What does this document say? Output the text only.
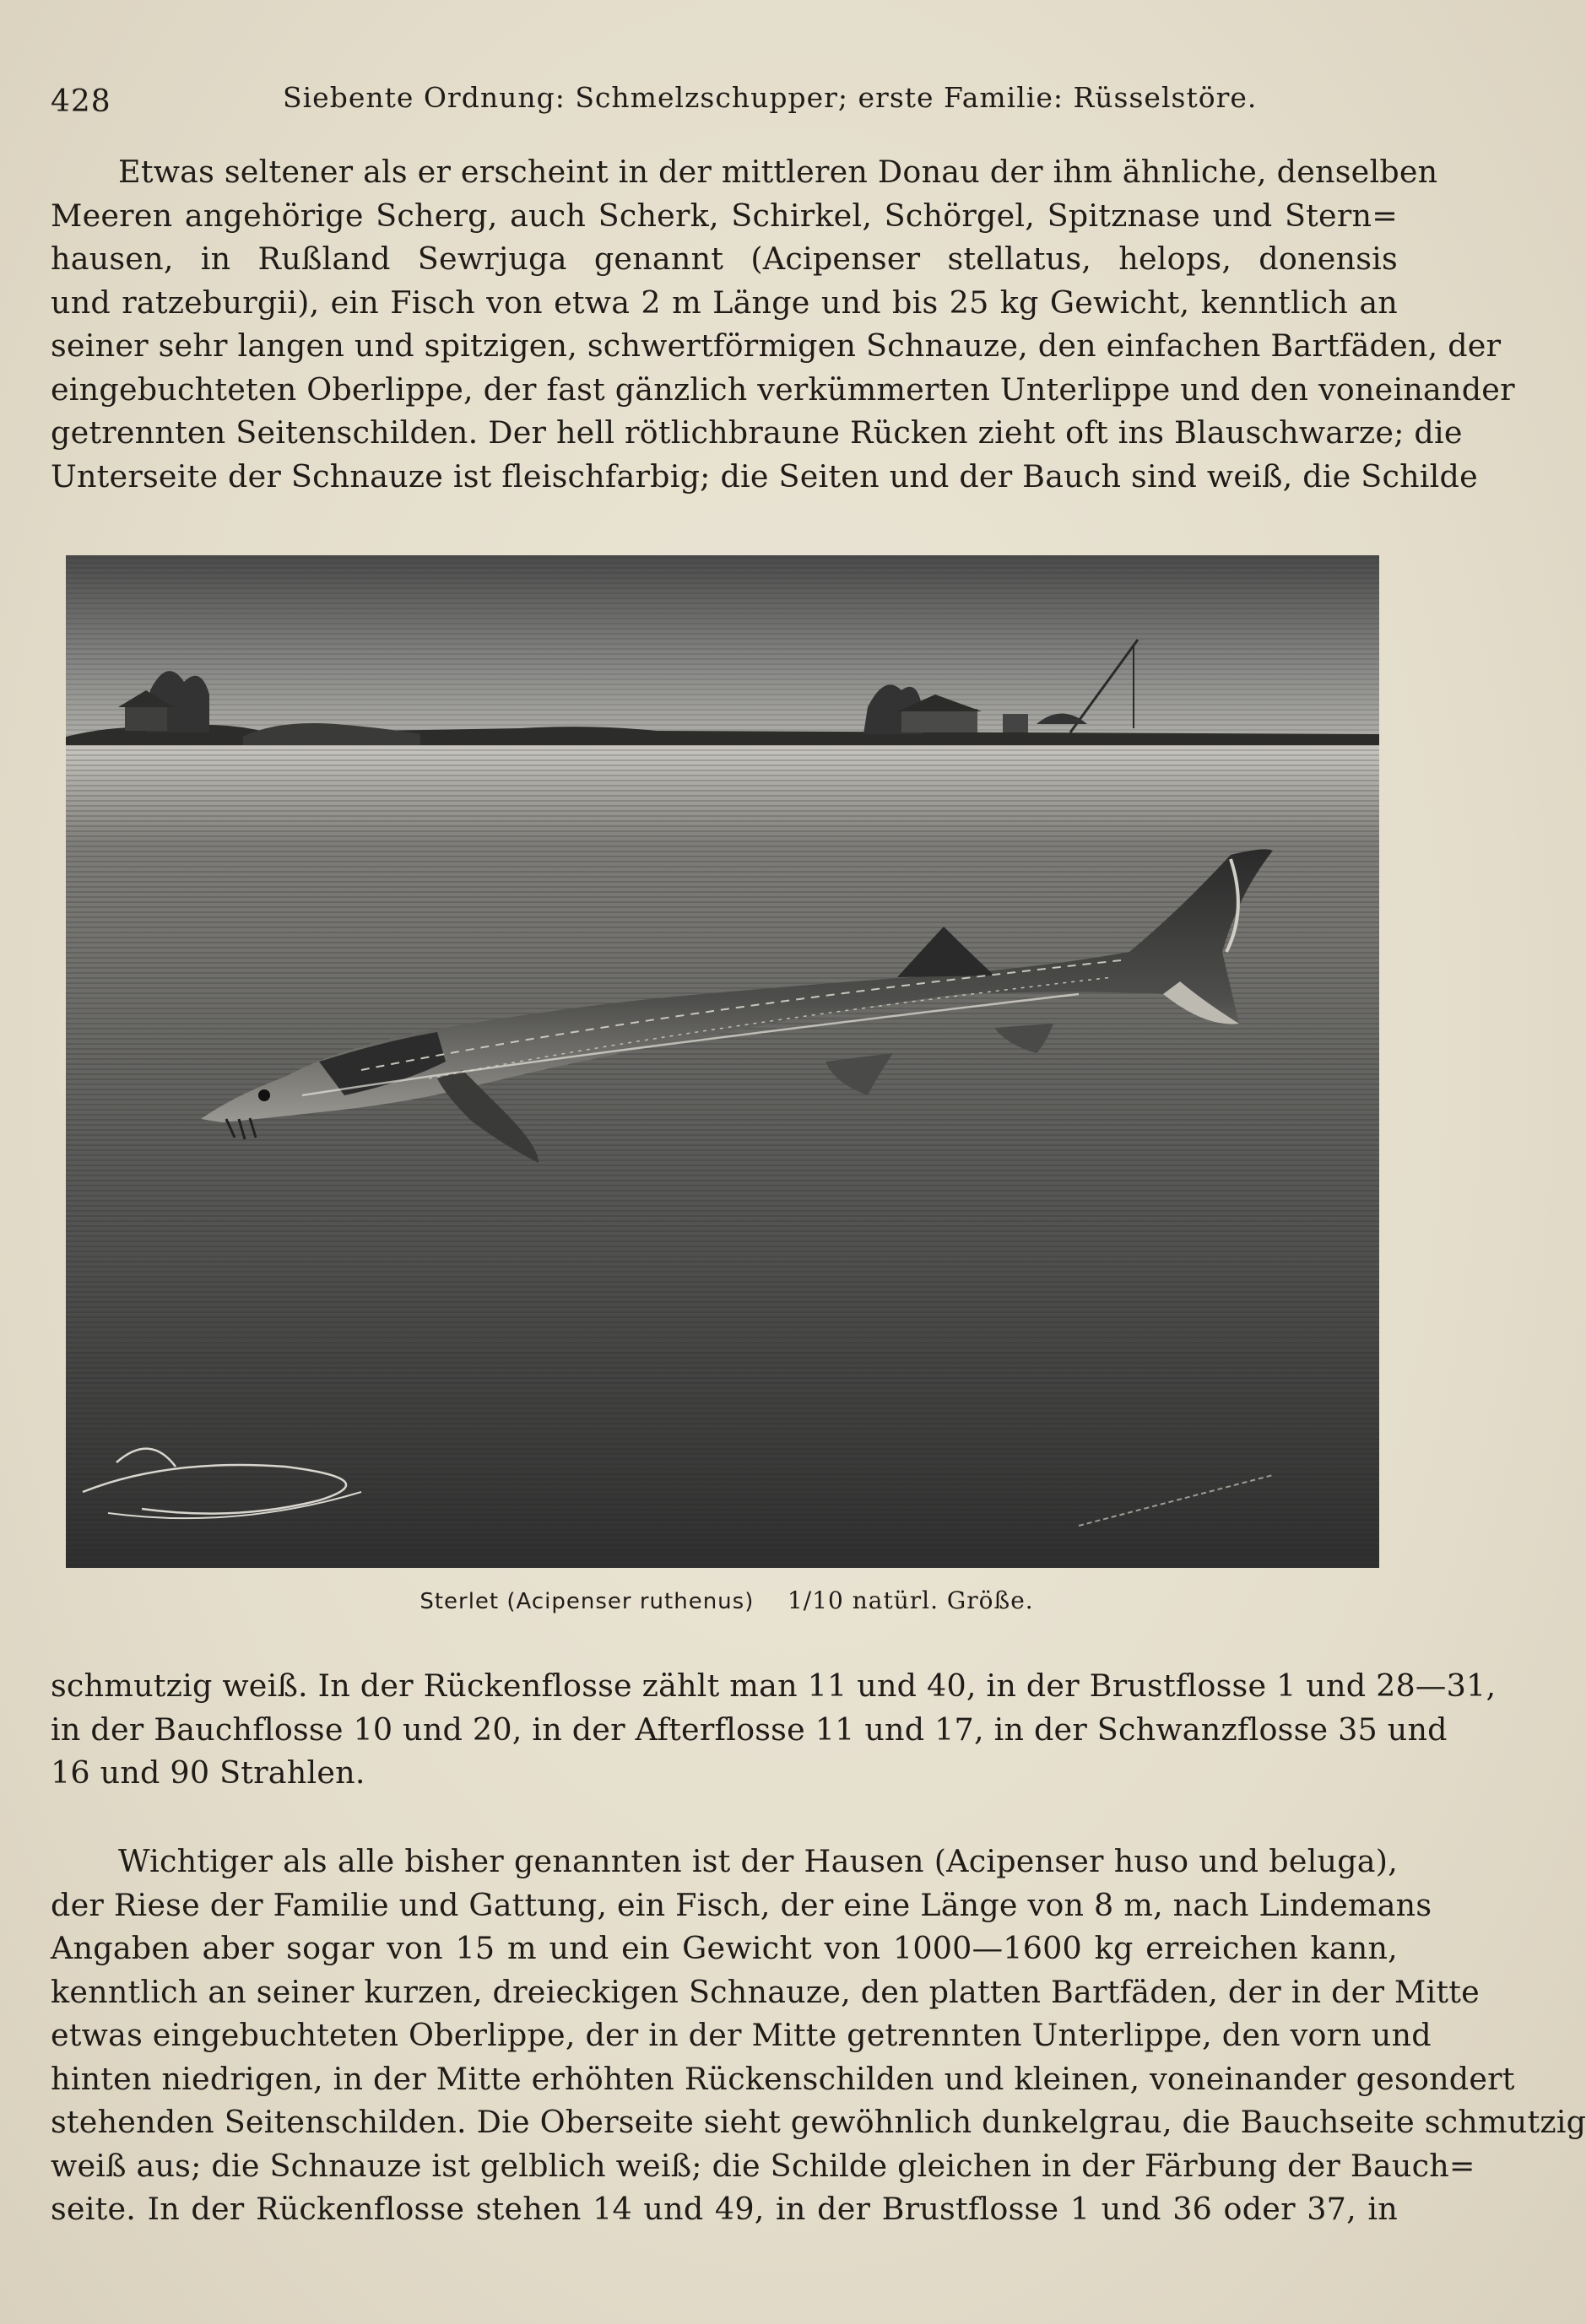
428	Siebente Ordnung: Schmelzschupper; erste Familie: Rüsselstöre.
Etwas seltener als er erscheint in der mittleren Donau der ihm ähnliche, denselben
Meeren angehörige Scherg, auch Scherk, Schirkel, Schörgel, Spitznase und Stern=
hausen, in Rußland Sewrjuga genannt (Acipenser stellatus, helops, donensis
und ratzeburgii), ein Fisch von etwa 2 m Länge und bis 25 kg Gewicht, kenntlich an
seiner sehr langen und spitzigen, schwertförmigen Schnauze, den einfachen Bartfäden, der
eingebuchteten Oberlippe, der fast gänzlich verkümmerten Unterlippe und den voneinander
getrennten Seitenschilden. Der hell rötlichbraune Rücken zieht oft ins Blauschwarze; die
Unterseite der Schnauze ist fleischfarbig; die Seiten und der Bauch sind weiß, die Schilde
Sterlet (Acipenser ruthenus) 1/10 natürl. Größe.
schmutzig weiß. In der Rückenflosse zählt man 11 und 40, in der Brustflosse 1 und 28—31,
in der Bauchflosse 10 und 20, in der Afterflosse 11 und 17, in der Schwanzflosse 35 und
16 und 90 Strahlen.
Wichtiger als alle bisher genannten ist der Hausen (Acipenser huso und beluga),
der Riese der Familie und Gattung, ein Fisch, der eine Länge von 8 m, nach Lindemans
Angaben aber sogar von 15 m und ein Gewicht von 1000—1600 kg erreichen kann,
kenntlich an seiner kurzen, dreieckigen Schnauze, den platten Bartfäden, der in der Mitte
etwas eingebuchteten Oberlippe, der in der Mitte getrennten Unterlippe, den vorn und
hinten niedrigen, in der Mitte erhöhten Rückenschilden und kleinen, voneinander gesondert
stehenden Seitenschilden. Die Oberseite sieht gewöhnlich dunkelgrau, die Bauchseite schmutzig
weiß aus; die Schnauze ist gelblich weiß; die Schilde gleichen in der Färbung der Bauch=
seite. In der Rückenflosse stehen 14 und 49, in der Brustflosse 1 und 36 oder 37, in
